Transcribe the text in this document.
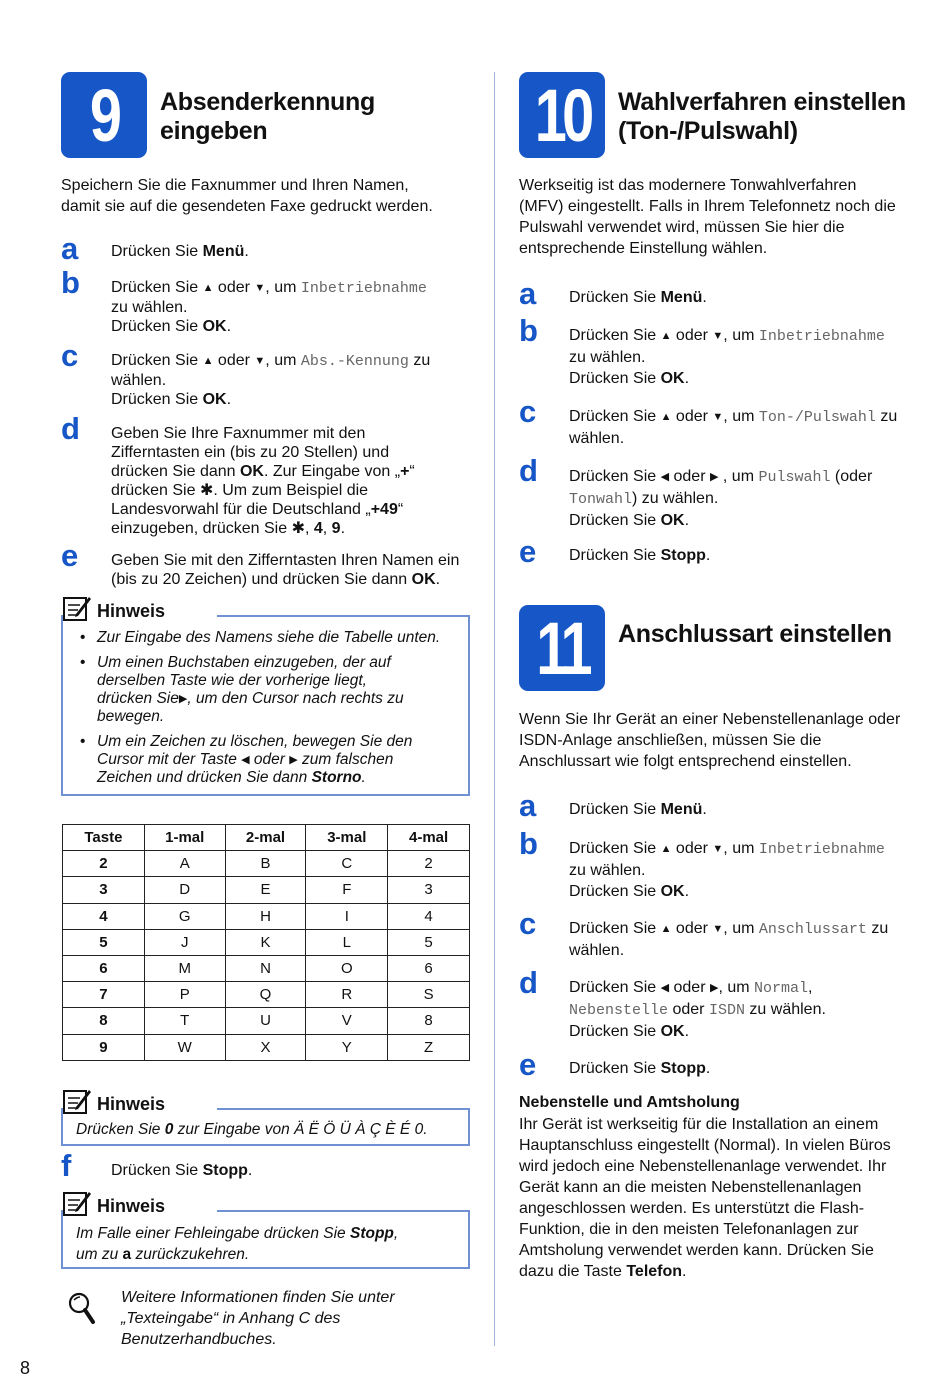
9 Absenderkennung
eingeben
Speichern Sie die Faxnummer und Ihren Namen,
damit sie auf die gesendeten Faxe gedruckt werden.
a Drücken Sie Menü.
b Drücken Sie ▲ oder ▼, um Inbetriebnahme
zu wählen.
Drücken Sie OK.
c Drücken Sie ▲ oder ▼, um Abs.-Kennung zu
wählen.
Drücken Sie OK.
d Geben Sie Ihre Faxnummer mit den
Zifferntasten ein (bis zu 20 Stellen) und
drücken Sie dann OK. Zur Eingabe von „+“
drücken Sie ✱. Um zum Beispiel die
Landesvorwahl für die Deutschland „+49“
einzugeben, drücken Sie ✱, 4, 9.
e Geben Sie mit den Zifferntasten Ihren Namen ein
(bis zu 20 Zeichen) und drücken Sie dann OK.
Hinweis
• Zur Eingabe des Namens siehe die Tabelle unten.
• Um einen Buchstaben einzugeben, der auf
derselben Taste wie der vorherige liegt,
drücken Sie▶, um den Cursor nach rechts zu
bewegen.
• Um ein Zeichen zu löschen, bewegen Sie den
Cursor mit der Taste ◀ oder ▶ zum falschen
Zeichen und drücken Sie dann Storno.
Taste	1-mal	2-mal	3-mal	4-mal
2	A	B	C	2
3	D	E	F	3
4	G	H	I	4
5	J	K	L	5
6	M	N	O	6
7	P	Q	R	S
8	T	U	V	8
9	W	X	Y	Z
Hinweis
Drücken Sie 0 zur Eingabe von Ä Ë Ö Ü À Ç È É 0.
f Drücken Sie Stopp.
Hinweis
Im Falle einer Fehleingabe drücken Sie Stopp,
um zu a zurückzukehren.
Weitere Informationen finden Sie unter
„Texteingabe“ in Anhang C des
Benutzerhandbuches.
8
10 Wahlverfahren einstellen
(Ton-/Pulswahl)
Werkseitig ist das modernere Tonwahlverfahren
(MFV) eingestellt. Falls in Ihrem Telefonnetz noch die
Pulswahl verwendet wird, müssen Sie hier die
entsprechende Einstellung wählen.
a Drücken Sie Menü.
b Drücken Sie ▲ oder ▼, um Inbetriebnahme
zu wählen.
Drücken Sie OK.
c Drücken Sie ▲ oder ▼, um Ton-/Pulswahl zu
wählen.
d Drücken Sie ◀ oder ▶ , um Pulswahl (oder
Tonwahl) zu wählen.
Drücken Sie OK.
e Drücken Sie Stopp.
11 Anschlussart einstellen
Wenn Sie Ihr Gerät an einer Nebenstellenanlage oder
ISDN-Anlage anschließen, müssen Sie die
Anschlussart wie folgt entsprechend einstellen.
a Drücken Sie Menü.
b Drücken Sie ▲ oder ▼, um Inbetriebnahme
zu wählen.
Drücken Sie OK.
c Drücken Sie ▲ oder ▼, um Anschlussart zu
wählen.
d Drücken Sie ◀ oder ▶, um Normal,
Nebenstelle oder ISDN zu wählen.
Drücken Sie OK.
e Drücken Sie Stopp.
Nebenstelle und Amtsholung
Ihr Gerät ist werkseitig für die Installation an einem
Hauptanschluss eingestellt (Normal). In vielen Büros
wird jedoch eine Nebenstellenanlage verwendet. Ihr
Gerät kann an die meisten Nebenstellenanlagen
angeschlossen werden. Es unterstützt die Flash-
Funktion, die in den meisten Telefonanlagen zur
Amtsholung verwendet werden kann. Drücken Sie
dazu die Taste Telefon.
